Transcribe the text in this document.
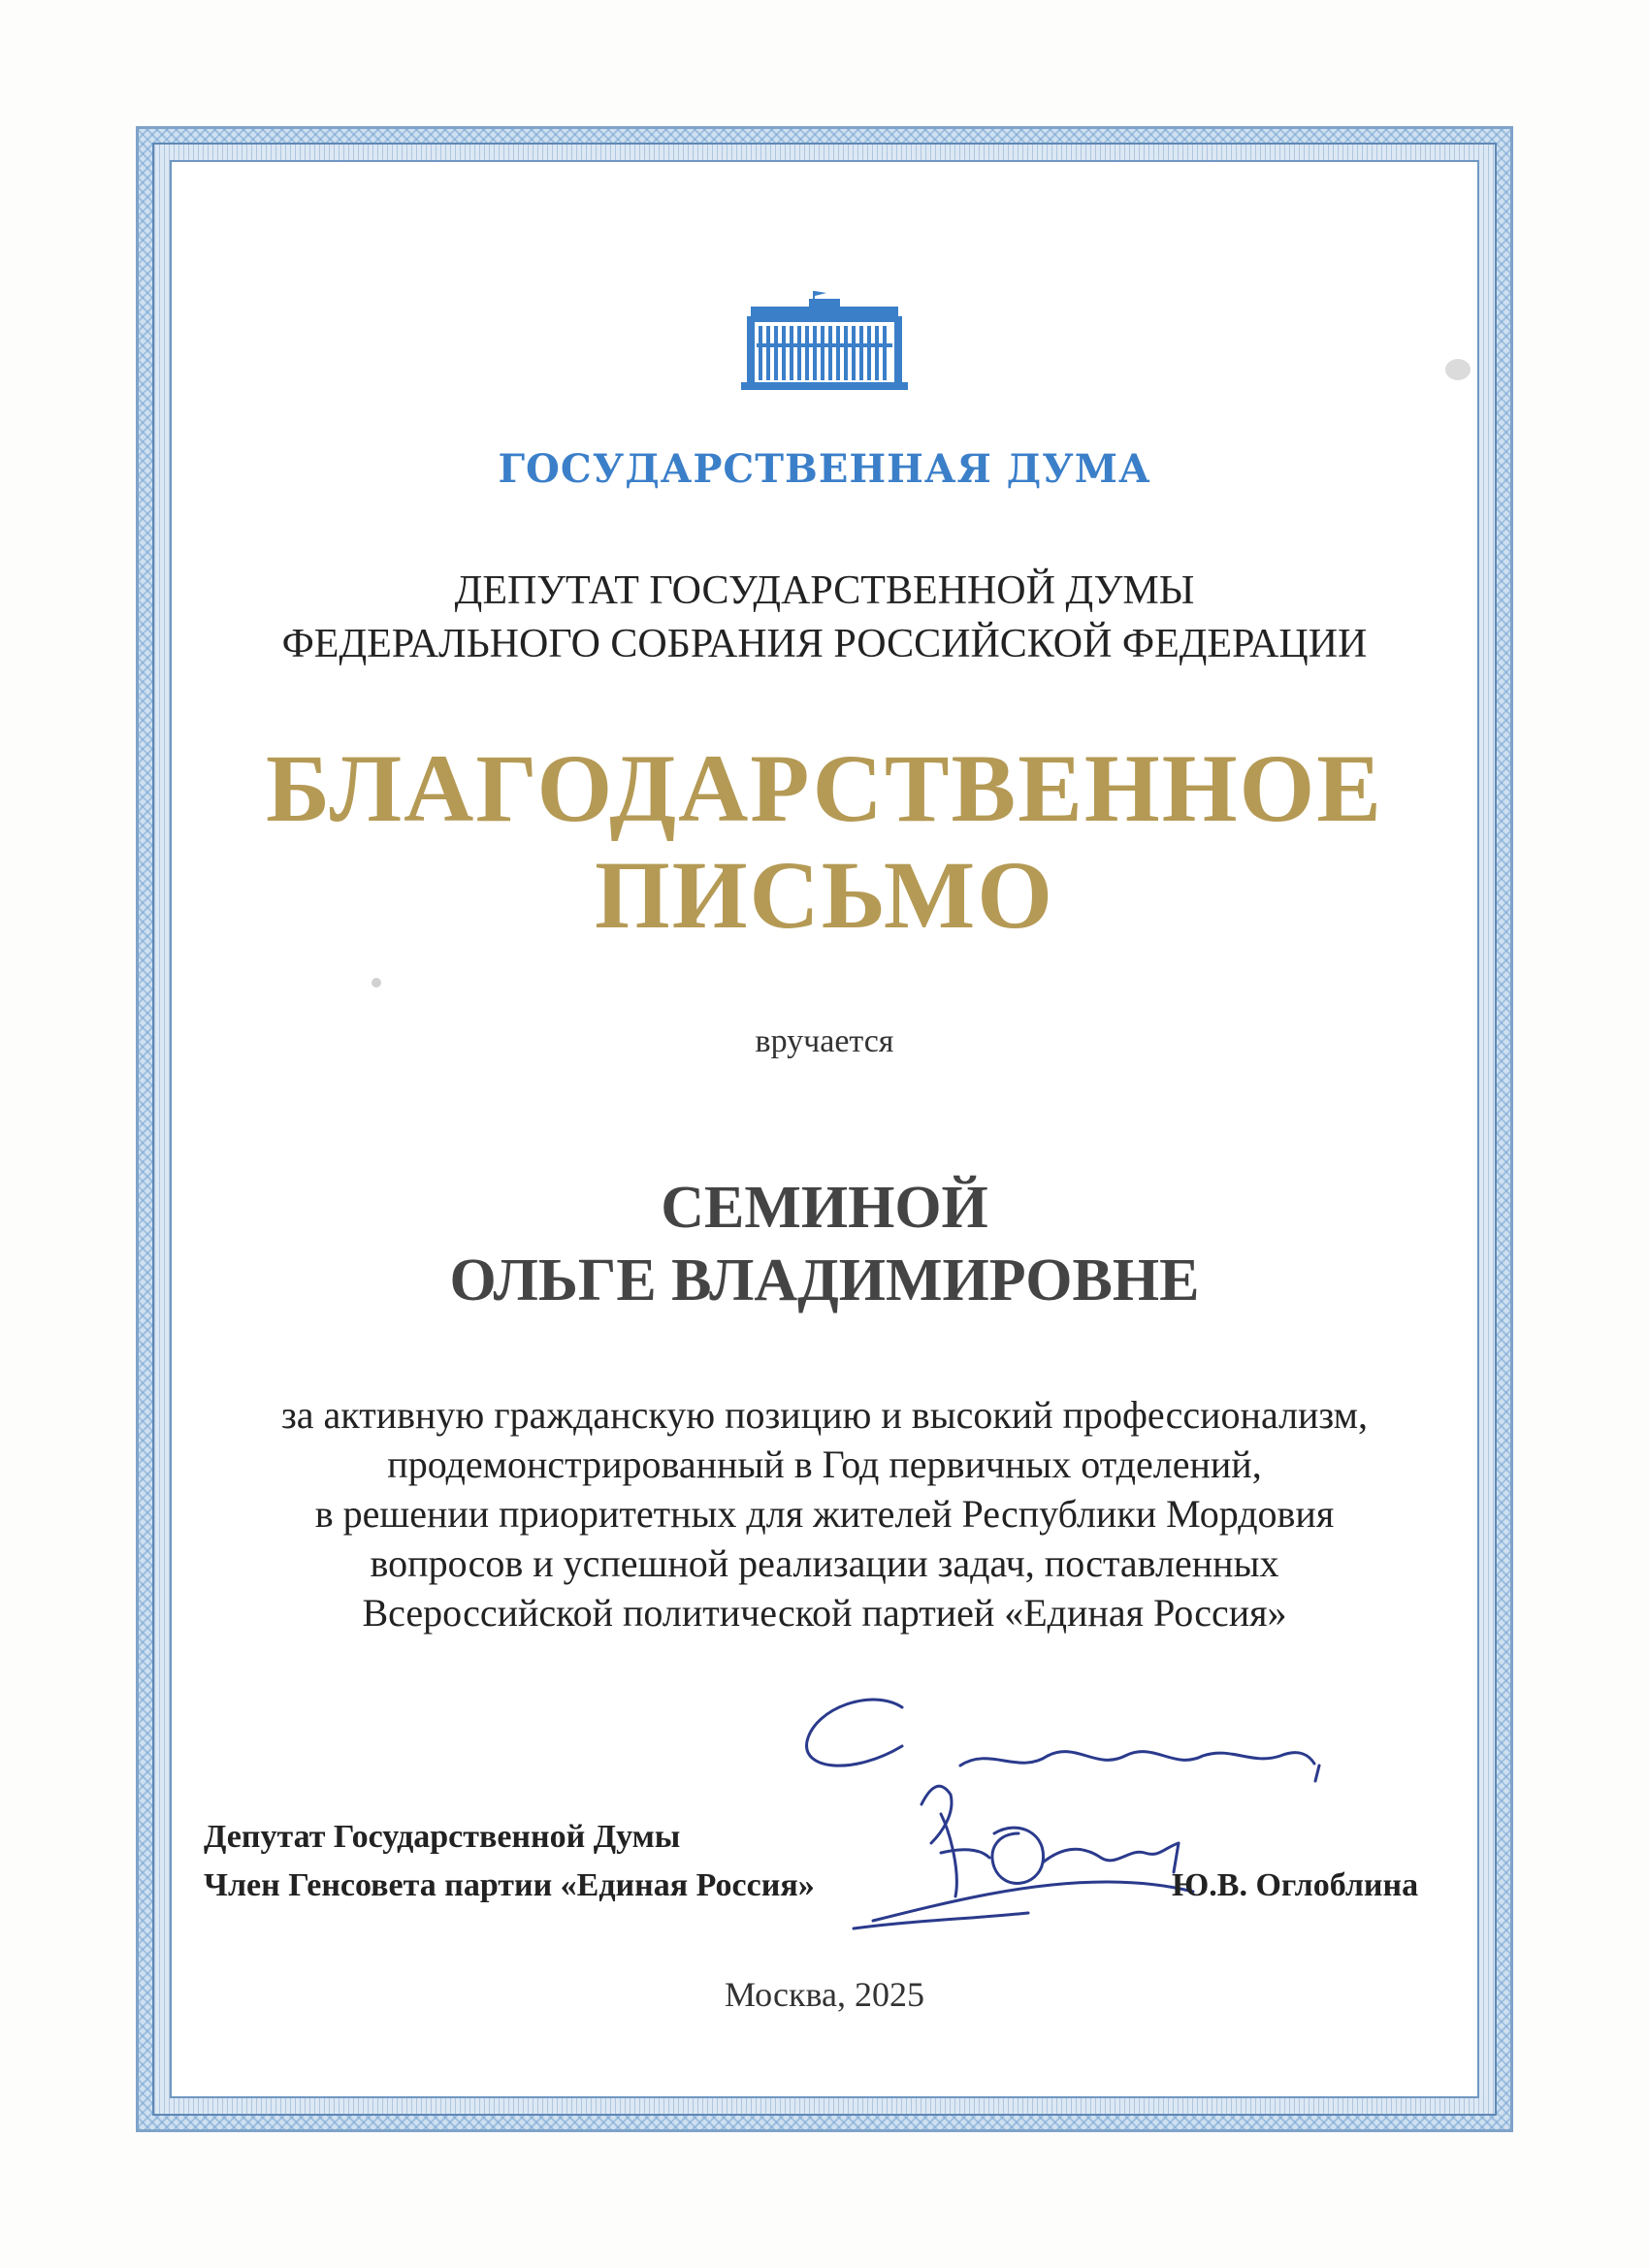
ГОСУДАРСТВЕННАЯ ДУМА
ДЕПУТАТ ГОСУДАРСТВЕННОЙ ДУМЫ
ФЕДЕРАЛЬНОГО СОБРАНИЯ РОССИЙСКОЙ ФЕДЕРАЦИИ
БЛАГОДАРСТВЕННОЕ
ПИСЬМО
вручается
СЕМИНОЙ
ОЛЬГЕ ВЛАДИМИРОВНЕ
за активную гражданскую позицию и высокий профессионализм,
продемонстрированный в Год первичных отделений,
в решении приоритетных для жителей Республики Мордовия
вопросов и успешной реализации задач, поставленных
Всероссийской политической партией «Единая Россия»
Депутат Государственной Думы
Член Генсовета партии «Единая Россия»	Ю.В. Оглоблина
Москва, 2025
